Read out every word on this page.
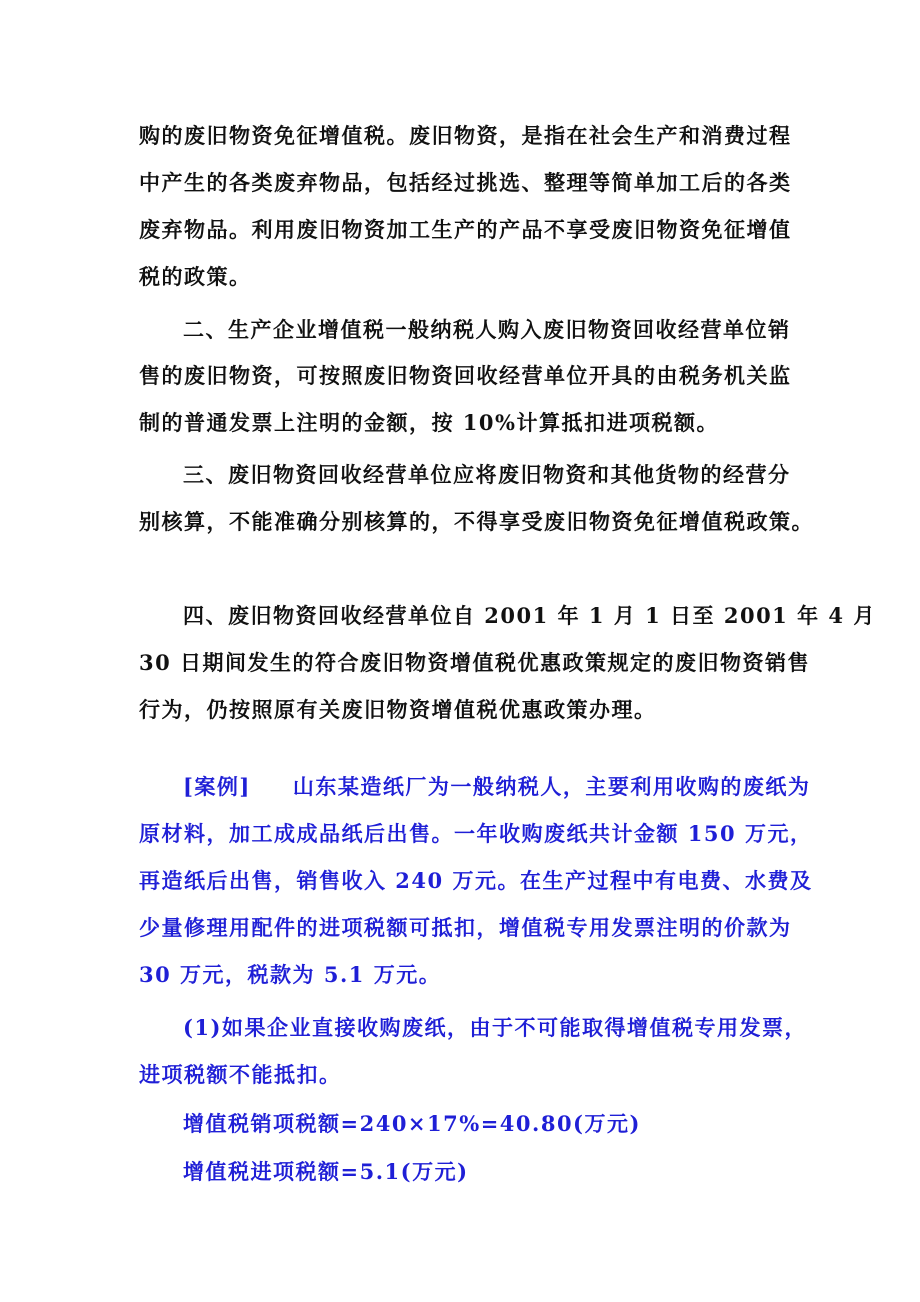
购的废旧物资免征增值税。废旧物资，是指在社会生产和消费过程
中产生的各类废弃物品，包括经过挑选、整理等简单加工后的各类
废弃物品。利用废旧物资加工生产的产品不享受废旧物资免征增值
税的政策。
二、生产企业增值税一般纳税人购入废旧物资回收经营单位销
售的废旧物资，可按照废旧物资回收经营单位开具的由税务机关监
制的普通发票上注明的金额，按 10%计算抵扣进项税额。
三、废旧物资回收经营单位应将废旧物资和其他货物的经营分
别核算，不能准确分别核算的，不得享受废旧物资免征增值税政策。
四、废旧物资回收经营单位自 2001 年 1 月 1 日至 2001 年 4 月
30 日期间发生的符合废旧物资增值税优惠政策规定的废旧物资销售
行为，仍按照原有关废旧物资增值税优惠政策办理。
[案例] 山东某造纸厂为一般纳税人，主要利用收购的废纸为
原材料，加工成成品纸后出售。一年收购废纸共计金额 150 万元，
再造纸后出售，销售收入 240 万元。在生产过程中有电费、水费及
少量修理用配件的进项税额可抵扣，增值税专用发票注明的价款为
30 万元，税款为 5.1 万元。
(1)如果企业直接收购废纸，由于不可能取得增值税专用发票，
进项税额不能抵扣。
增值税销项税额=240×17%=40.80(万元)
增值税进项税额=5.1(万元)
